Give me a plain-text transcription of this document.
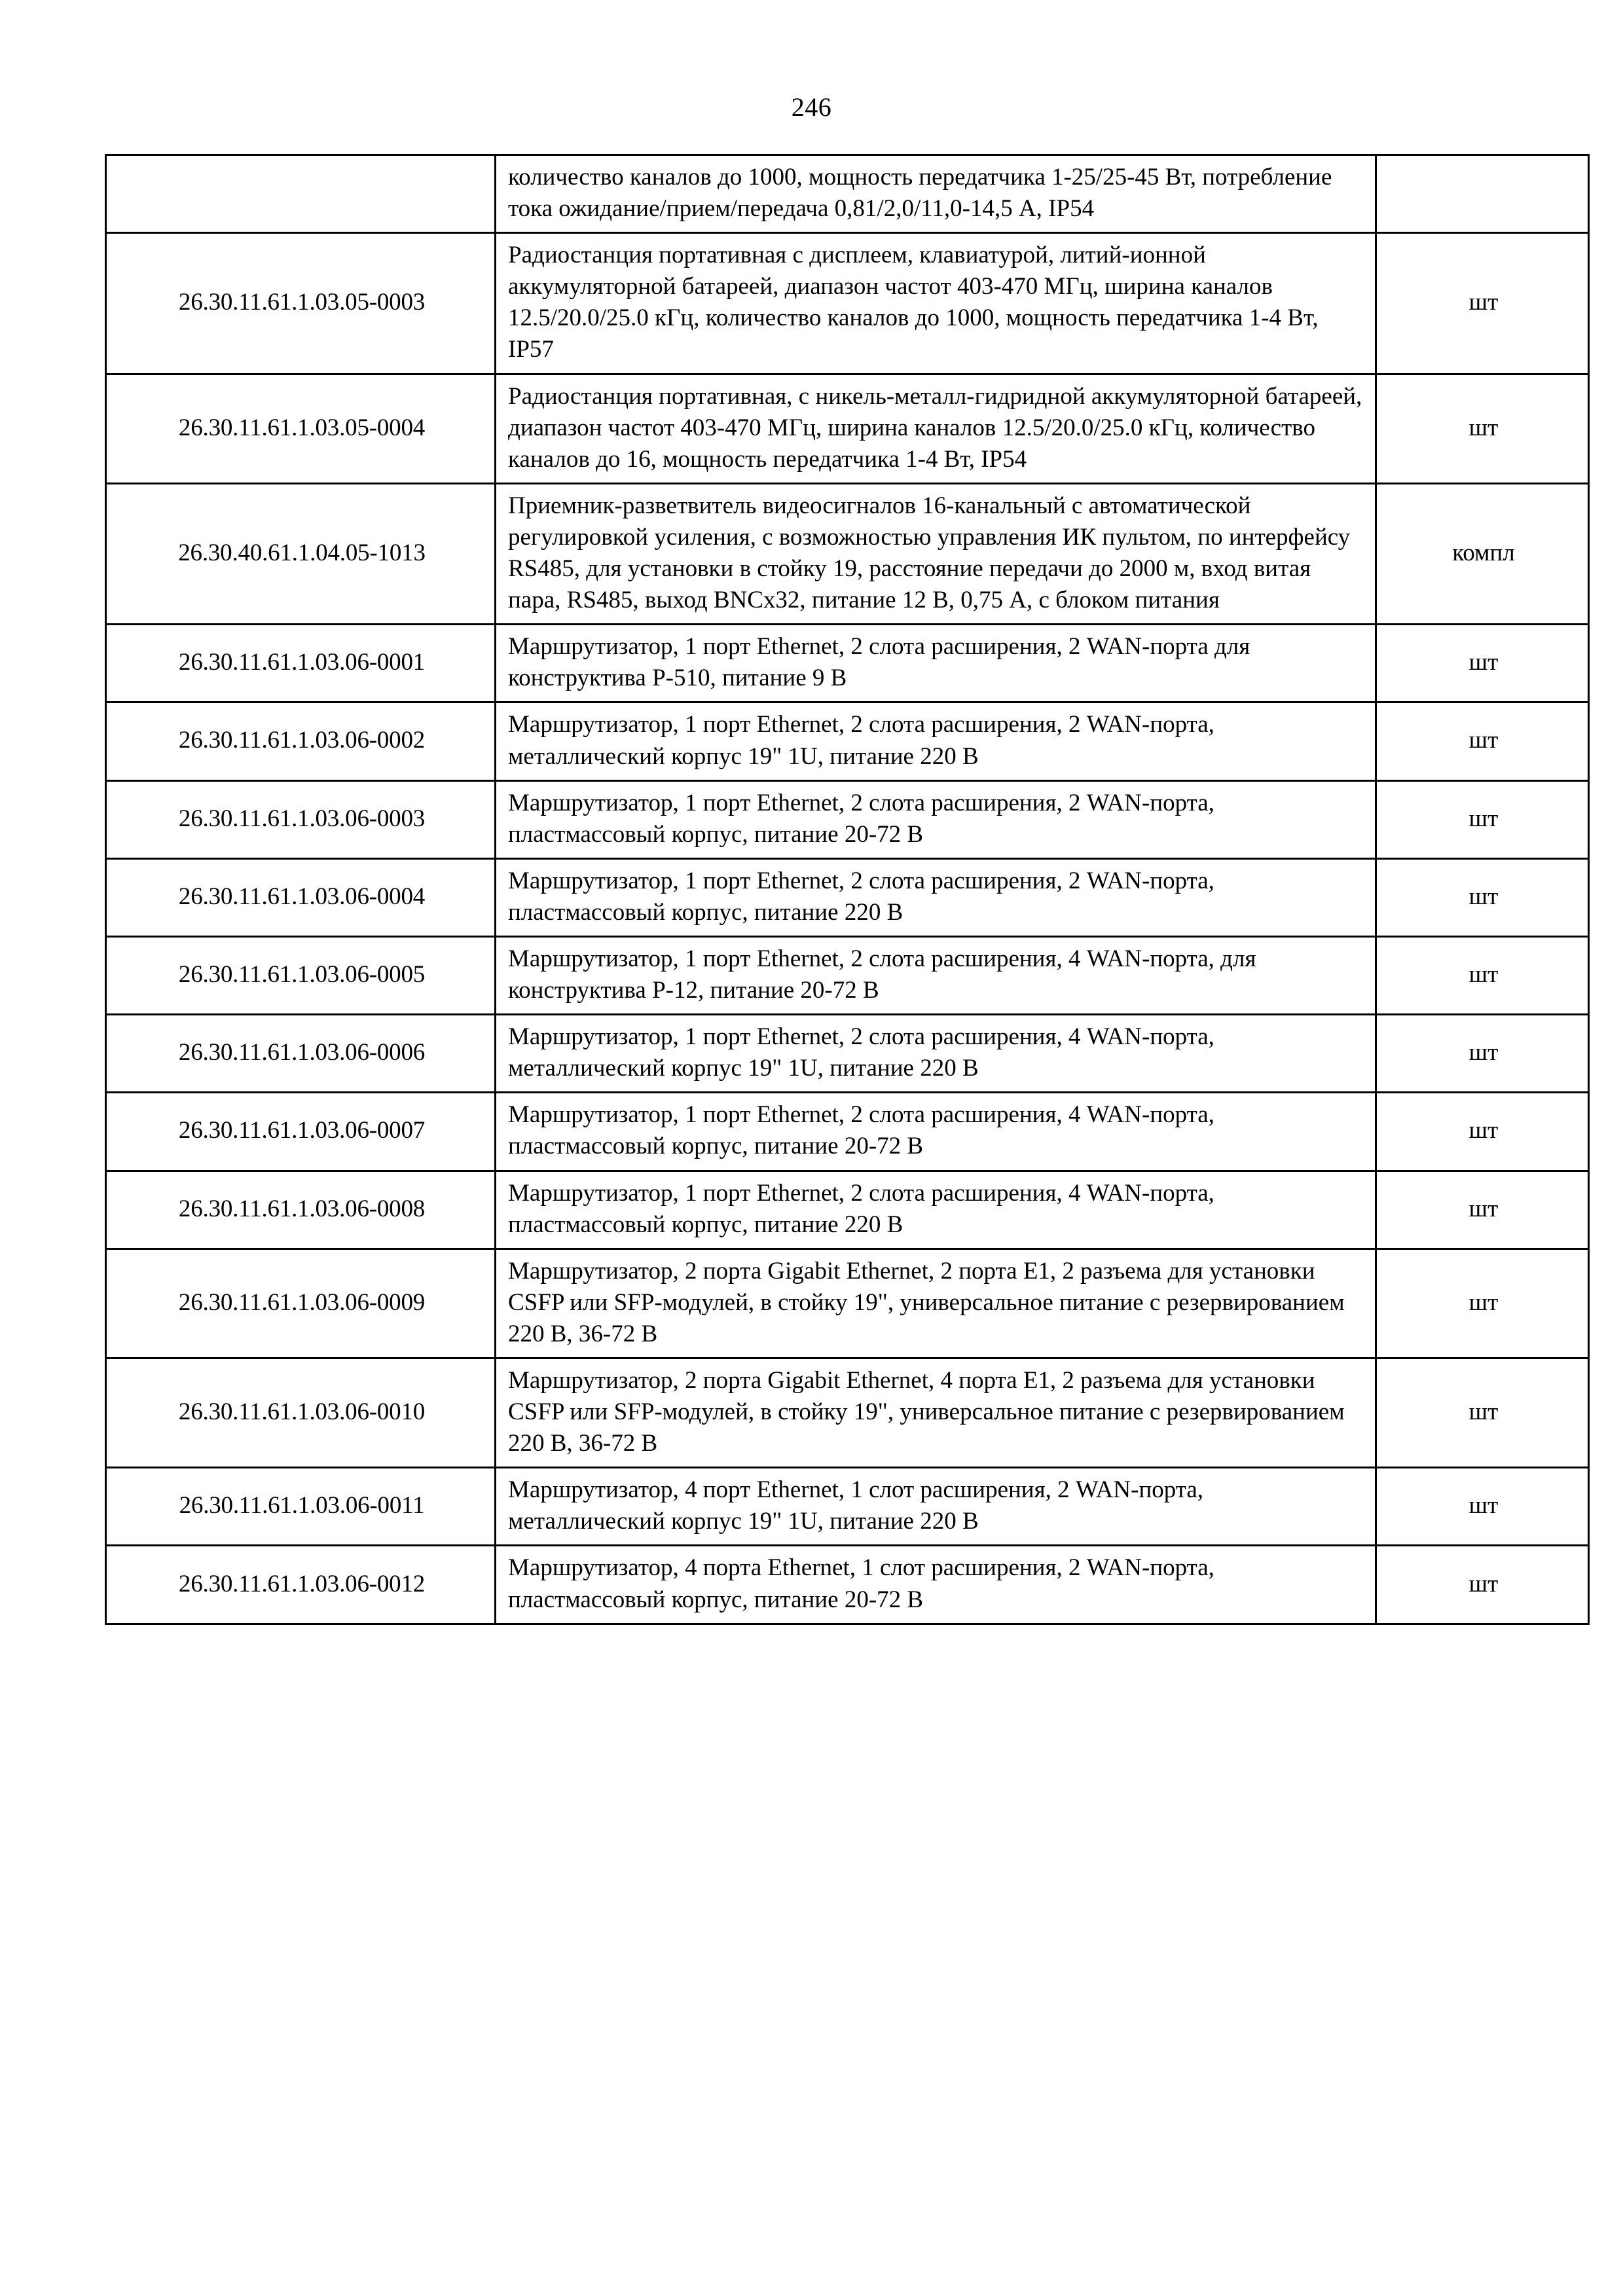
246
	количество каналов до 1000, мощность передатчика 1-25/25-45 Вт, потребление тока ожидание/прием/передача 0,81/2,0/11,0-14,5 А, IP54	
26.30.11.61.1.03.05-0003	Радиостанция портативная с дисплеем, клавиатурой, литий-ионной аккумуляторной батареей, диапазон частот 403-470 МГц, ширина каналов 12.5/20.0/25.0 кГц, количество каналов до 1000, мощность передатчика 1-4 Вт, IP57	шт
26.30.11.61.1.03.05-0004	Радиостанция портативная, с никель-металл-гидридной аккумуляторной батареей, диапазон частот 403-470 МГц, ширина каналов 12.5/20.0/25.0 кГц, количество каналов до 16, мощность передатчика 1-4 Вт, IP54	шт
26.30.40.61.1.04.05-1013	Приемник-разветвитель видеосигналов 16-канальный с автоматической регулировкой усиления, с возможностью управления ИК пультом, по интерфейсу RS485, для установки в стойку 19, расстояние передачи до 2000 м, вход витая пара, RS485, выход BNCx32, питание 12 В, 0,75 А, с блоком питания	компл
26.30.11.61.1.03.06-0001	Маршрутизатор, 1 порт Ethernet, 2 слота расширения, 2 WAN-порта для конструктива Р-510, питание 9 В	шт
26.30.11.61.1.03.06-0002	Маршрутизатор, 1 порт Ethernet, 2 слота расширения, 2 WAN-порта, металлический корпус 19" 1U, питание 220 В	шт
26.30.11.61.1.03.06-0003	Маршрутизатор, 1 порт Ethernet, 2 слота расширения, 2 WAN-порта, пластмассовый корпус, питание 20-72 В	шт
26.30.11.61.1.03.06-0004	Маршрутизатор, 1 порт Ethernet, 2 слота расширения, 2 WAN-порта, пластмассовый корпус, питание 220 В	шт
26.30.11.61.1.03.06-0005	Маршрутизатор, 1 порт Ethernet, 2 слота расширения, 4 WAN-порта, для конструктива Р-12, питание 20-72 В	шт
26.30.11.61.1.03.06-0006	Маршрутизатор, 1 порт Ethernet, 2 слота расширения, 4 WAN-порта, металлический корпус 19" 1U, питание 220 В	шт
26.30.11.61.1.03.06-0007	Маршрутизатор, 1 порт Ethernet, 2 слота расширения, 4 WAN-порта, пластмассовый корпус, питание 20-72 В	шт
26.30.11.61.1.03.06-0008	Маршрутизатор, 1 порт Ethernet, 2 слота расширения, 4 WAN-порта, пластмассовый корпус, питание 220 В	шт
26.30.11.61.1.03.06-0009	Маршрутизатор, 2 порта Gigabit Ethernet, 2 порта Е1, 2 разъема для установки CSFP или SFP-модулей, в стойку 19", универсальное питание с резервированием 220 В, 36-72 В	шт
26.30.11.61.1.03.06-0010	Маршрутизатор, 2 порта Gigabit Ethernet, 4 порта Е1, 2 разъема для установки CSFP или SFP-модулей, в стойку 19", универсальное питание с резервированием 220 В, 36-72 В	шт
26.30.11.61.1.03.06-0011	Маршрутизатор, 4 порт Ethernet, 1 слот расширения, 2 WAN-порта, металлический корпус 19" 1U, питание 220 В	шт
26.30.11.61.1.03.06-0012	Маршрутизатор, 4 порта Ethernet, 1 слот расширения, 2 WAN-порта, пластмассовый корпус, питание 20-72 В	шт
